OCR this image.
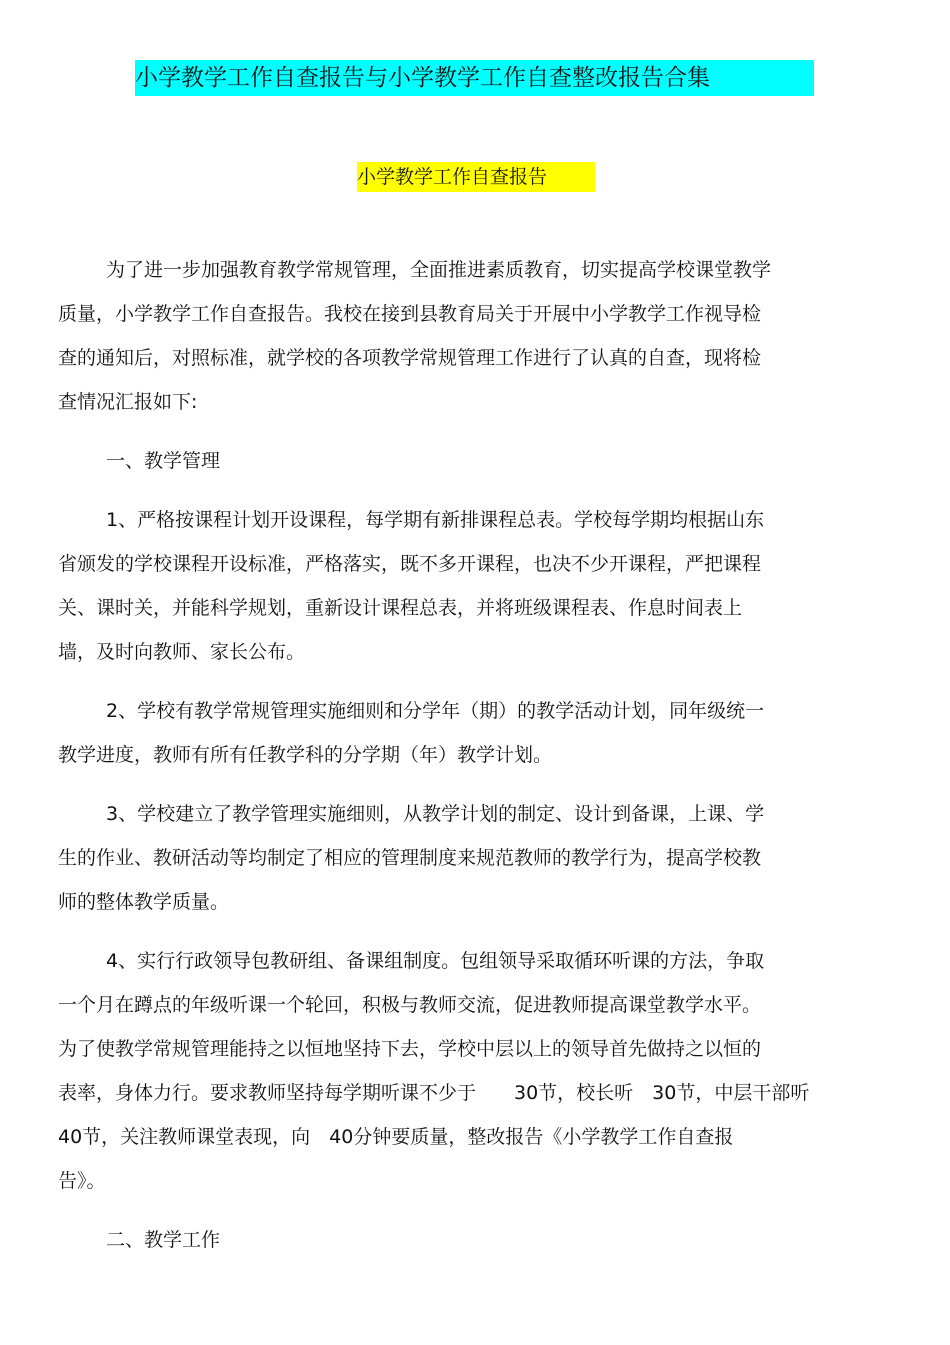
小学教学工作自查报告与小学教学工作自查整改报告合集
小学教学工作自查报告
为了进一步加强教育教学常规管理，全面推进素质教育，切实提高学校课堂教学
质量，小学教学工作自查报告。我校在接到县教育局关于开展中小学教学工作视导检
查的通知后，对照标准，就学校的各项教学常规管理工作进行了认真的自查，现将检
查情况汇报如下:
一、教学管理
1、严格按课程计划开设课程，每学期有新排课程总表。学校每学期均根据山东
省颁发的学校课程开设标准，严格落实，既不多开课程，也决不少开课程，严把课程
关、课时关，并能科学规划，重新设计课程总表，并将班级课程表、作息时间表上
墙，及时向教师、家长公布。
2、学校有教学常规管理实施细则和分学年（期）的教学活动计划，同年级统一
教学进度，教师有所有任教学科的分学期（年）教学计划。
3、学校建立了教学管理实施细则，从教学计划的制定、设计到备课，上课、学
生的作业、教研活动等均制定了相应的管理制度来规范教师的教学行为，提高学校教
师的整体教学质量。
4、实行行政领导包教研组、备课组制度。包组领导采取循环听课的方法，争取
一个月在蹲点的年级听课一个轮回，积极与教师交流，促进教师提高课堂教学水平。
为了使教学常规管理能持之以恒地坚持下去，学校中层以上的领导首先做持之以恒的
表率，身体力行。要求教师坚持每学期听课不少于　　30节，校长听　30节，中层干部听
40节，关注教师课堂表现，向　40分钟要质量，整改报告《小学教学工作自查报
告》。
二、教学工作
